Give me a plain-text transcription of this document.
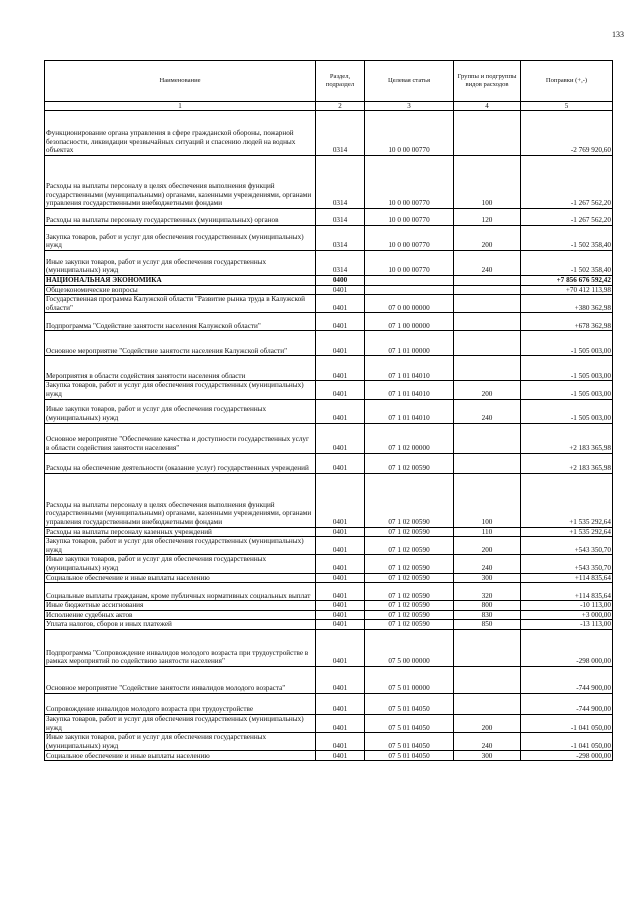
133
Наименование	Раздел, подраздел	Целевая статья	Группы и подгруппы видов расходов	Поправки (+,-)
1	2	3	4	5
Функционирование органа управления в сфере гражданской обороны, пожарной безопасности, ликвидации чрезвычайных ситуаций и спасению людей на водных объектах	0314	10 0 00 00770		-2 769 920,60
Расходы на выплаты персоналу в целях обеспечения выполнения функций государственными (муниципальными) органами, казенными учреждениями, органами управления государственными внебюджетными фондами	0314	10 0 00 00770	100	-1 267 562,20
Расходы на выплаты персоналу государственных (муниципальных) органов	0314	10 0 00 00770	120	-1 267 562,20
Закупка товаров, работ и услуг для обеспечения государственных (муниципальных) нужд	0314	10 0 00 00770	200	-1 502 358,40
Иные закупки товаров, работ и услуг для обеспечения государственных (муниципальных) нужд	0314	10 0 00 00770	240	-1 502 358,40
НАЦИОНАЛЬНАЯ ЭКОНОМИКА	0400			+7 856 676 592,42
Общеэкономические вопросы	0401			+70 412 113,98
Государственная программа Калужской области "Развитие рынка труда в Калужской области"	0401	07 0 00 00000		+380 362,98
Подпрограмма "Содействие занятости населения Калужской области"	0401	07 1 00 00000		+678 362,98
Основное мероприятие "Содействие занятости населения Калужской области"	0401	07 1 01 00000		-1 505 003,00
Мероприятия в области содействия занятости населения области	0401	07 1 01 04010		-1 505 003,00
Закупка товаров, работ и услуг для обеспечения государственных (муниципальных) нужд	0401	07 1 01 04010	200	-1 505 003,00
Иные закупки товаров, работ и услуг для обеспечения государственных (муниципальных) нужд	0401	07 1 01 04010	240	-1 505 003,00
Основное мероприятие "Обеспечение качества и доступности государственных услуг в области содействия занятости населения"	0401	07 1 02 00000		+2 183 365,98
Расходы на обеспечение деятельности (оказание услуг) государственных учреждений	0401	07 1 02 00590		+2 183 365,98
Расходы на выплаты персоналу в целях обеспечения выполнения функций государственными (муниципальными) органами, казенными учреждениями, органами управления государственными внебюджетными фондами	0401	07 1 02 00590	100	+1 535 292,64
Расходы на выплаты персоналу казенных учреждений	0401	07 1 02 00590	110	+1 535 292,64
Закупка товаров, работ и услуг для обеспечения государственных (муниципальных) нужд	0401	07 1 02 00590	200	+543 350,70
Иные закупки товаров, работ и услуг для обеспечения государственных (муниципальных) нужд	0401	07 1 02 00590	240	+543 350,70
Социальное обеспечение и иные выплаты населению	0401	07 1 02 00590	300	+114 835,64
Социальные выплаты гражданам, кроме публичных нормативных социальных выплат	0401	07 1 02 00590	320	+114 835,64
Иные бюджетные ассигнования	0401	07 1 02 00590	800	-10 113,00
Исполнение судебных актов	0401	07 1 02 00590	830	+3 000,00
Уплата налогов, сборов и иных платежей	0401	07 1 02 00590	850	-13 113,00
Подпрограмма "Сопровождение инвалидов молодого возраста при трудоустройстве в рамках мероприятий по содействию занятости населения"	0401	07 5 00 00000		-298 000,00
Основное мероприятие "Содействие занятости инвалидов молодого возраста"	0401	07 5 01 00000		-744 900,00
Сопровождение инвалидов молодого возраста при трудоустройстве	0401	07 5 01 04050		-744 900,00
Закупка товаров, работ и услуг для обеспечения государственных (муниципальных) нужд	0401	07 5 01 04050	200	-1 041 050,00
Иные закупки товаров, работ и услуг для обеспечения государственных (муниципальных) нужд	0401	07 5 01 04050	240	-1 041 050,00
Социальное обеспечение и иные выплаты населению	0401	07 5 01 04050	300	-298 000,00
